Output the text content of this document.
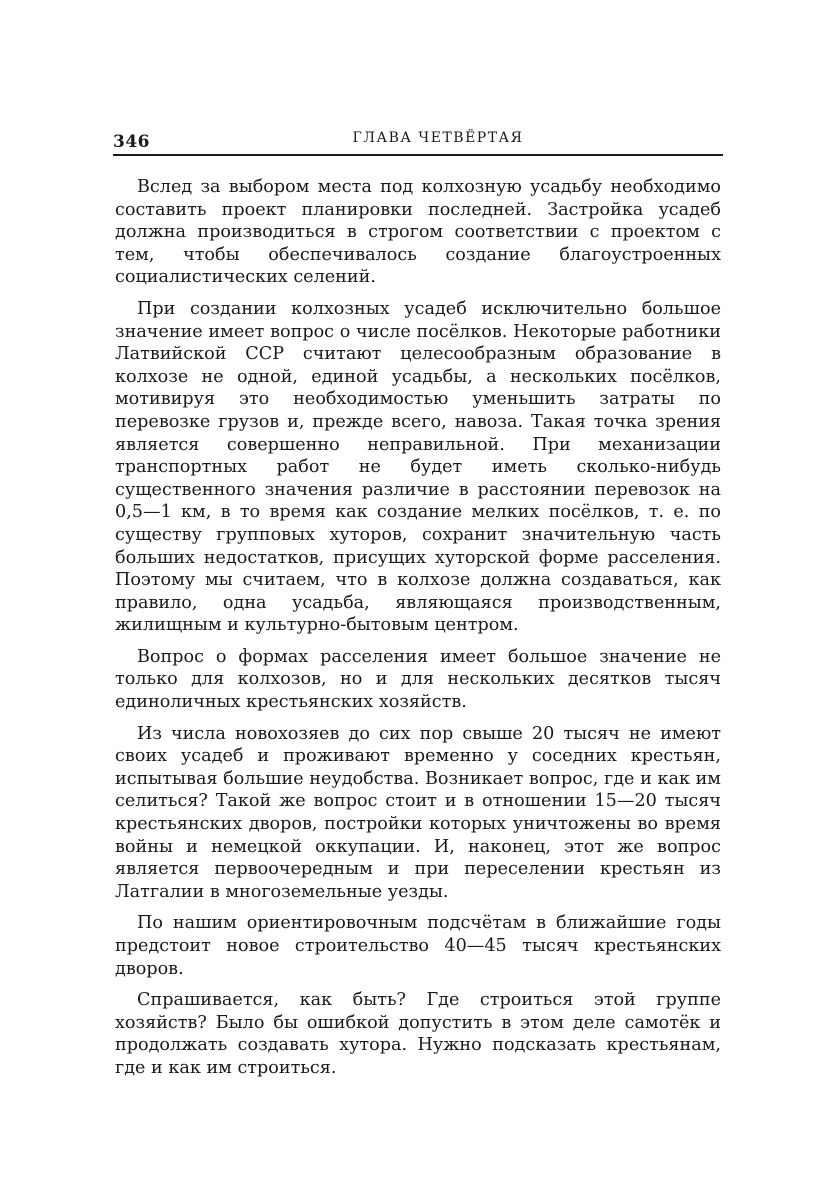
346	ГЛАВА ЧЕТВЁРТАЯ

Вслед за выбором места под колхозную усадьбу необходимо составить проект планировки последней. Застройка усадеб должна производиться в строгом соответствии с проектом с тем, чтобы обеспечивалось создание благоустроенных социалистических селений.

При создании колхозных усадеб исключительно большое значение имеет вопрос о числе посёлков. Некоторые работники Латвийской ССР считают целесообразным образование в колхозе не одной, единой усадьбы, а нескольких посёлков, мотивируя это необходимостью уменьшить затраты по перевозке грузов и, прежде всего, навоза. Такая точка зрения является совершенно неправильной. При механизации транспортных работ не будет иметь сколько-нибудь существенного значения различие в расстоянии перевозок на 0,5—1 км, в то время как создание мелких посёлков, т. е. по существу групповых хуторов, сохранит значительную часть больших недостатков, присущих хуторской форме расселения. Поэтому мы считаем, что в колхозе должна создаваться, как правило, одна усадьба, являющаяся производственным, жилищным и культурно-бытовым центром.

Вопрос о формах расселения имеет большое значение не только для колхозов, но и для нескольких десятков тысяч единоличных крестьянских хозяйств.

Из числа новохозяев до сих пор свыше 20 тысяч не имеют своих усадеб и проживают временно у соседних крестьян, испытывая большие неудобства. Возникает вопрос, где и как им селиться? Такой же вопрос стоит и в отношении 15—20 тысяч крестьянских дворов, постройки которых уничтожены во время войны и немецкой оккупации. И, наконец, этот же вопрос является первоочередным и при переселении крестьян из Латгалии в многоземельные уезды.

По нашим ориентировочным подсчётам в ближайшие годы предстоит новое строительство 40—45 тысяч крестьянских дворов.

Спрашивается, как быть? Где строиться этой группе хозяйств? Было бы ошибкой допустить в этом деле самотёк и продолжать создавать хутора. Нужно подсказать крестьянам, где и как им строиться.
